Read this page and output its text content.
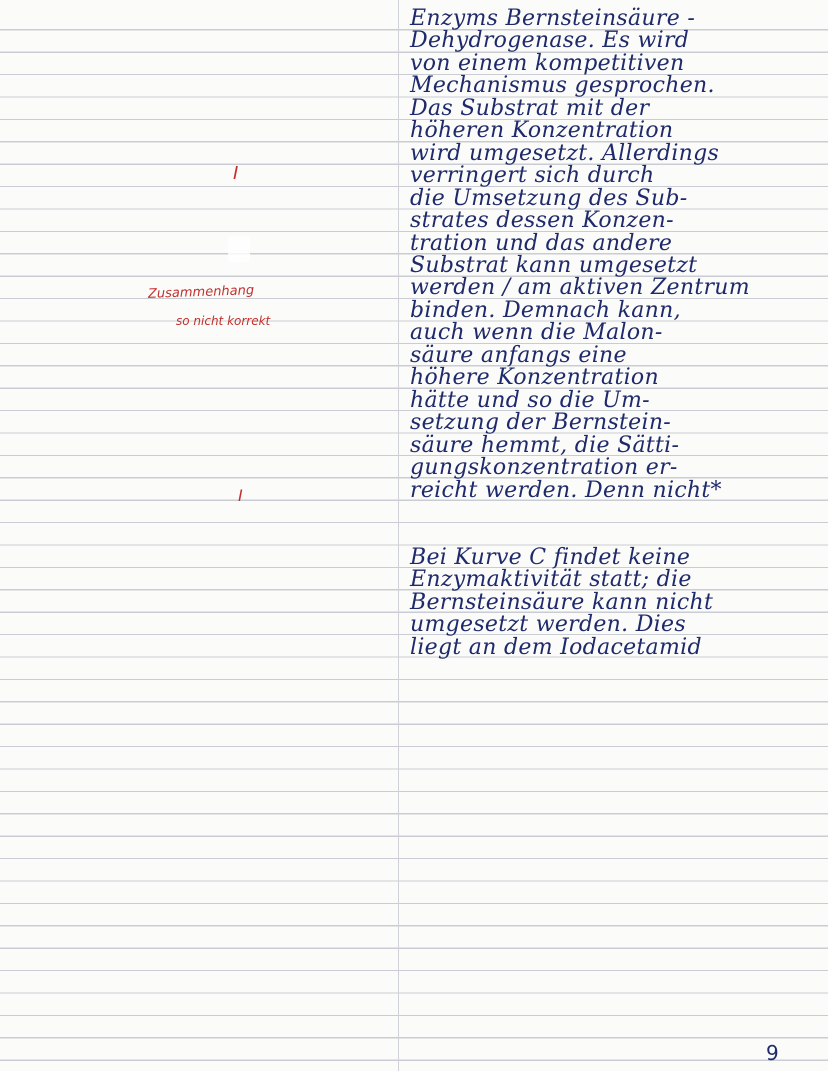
I
Zusammenhang
so nicht korrekt
I
Enzyms Bernsteinsäure -
Dehydrogenase. Es wird
von einem kompetitiven
Mechanismus gesprochen.
Das Substrat mit der
höheren Konzentration
wird umgesetzt. Allerdings
verringert sich durch
die Umsetzung des Sub-
strates dessen Konzen-
tration und das andere
Substrat kann umgesetzt
werden / am aktiven Zentrum
binden. Demnach kann,
auch wenn die Malon-
säure anfangs eine
höhere Konzentration
hätte und so die Um-
setzung der Bernstein-
säure hemmt, die Sätti-
gungskonzentration er-
reicht werden. Denn nicht*
Bei Kurve C findet keine
Enzymaktivität statt; die
Bernsteinsäure kann nicht
umgesetzt werden. Dies
liegt an dem Iodacetamid
9
